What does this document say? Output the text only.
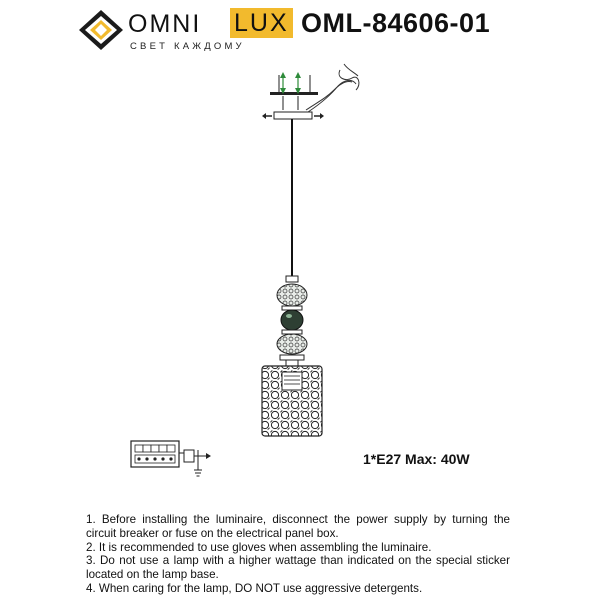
OMNI LUX
СВЕТ КАЖДОМУ
OML-84606-01
1*E27 Max: 40W
1. Before installing the luminaire, disconnect the power supply by turning the circuit breaker or fuse on the electrical panel box.
2. It is recommended to use gloves when assembling the luminaire.
3. Do not use a lamp with a higher wattage than indicated on the special sticker located on the lamp base.
4. When caring for the lamp, DO NOT use aggressive detergents.
